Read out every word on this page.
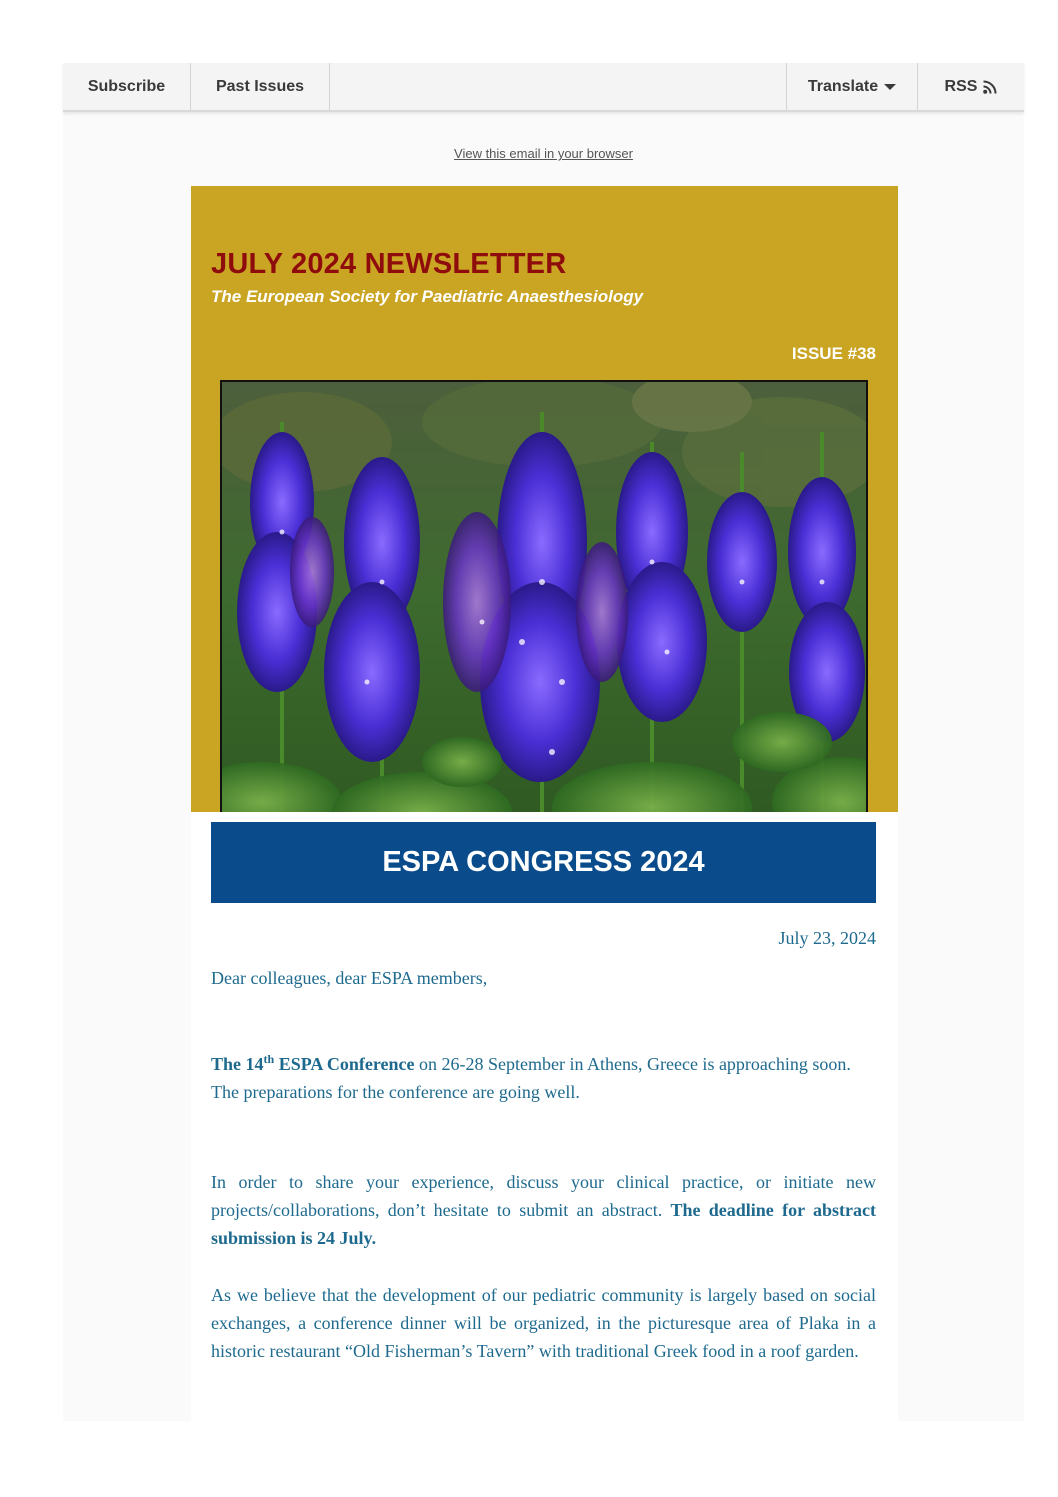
Subscribe	Past Issues	Translate	RSS
View this email in your browser
JULY 2024 NEWSLETTER
The European Society for Paediatric Anaesthesiology
ISSUE #38
ESPA CONGRESS 2024
July 23, 2024
Dear colleagues, dear ESPA members,
The 14th ESPA Conference on 26-28 September in Athens, Greece is approaching soon.
The preparations for the conference are going well.
In order to share your experience, discuss your clinical practice, or initiate new projects/collaborations, don’t hesitate to submit an abstract. The deadline for abstract submission is 24 July.
As we believe that the development of our pediatric community is largely based on social exchanges, a conference dinner will be organized, in the picturesque area of Plaka in a historic restaurant “Old Fisherman’s Tavern” with traditional Greek food in a roof garden.
